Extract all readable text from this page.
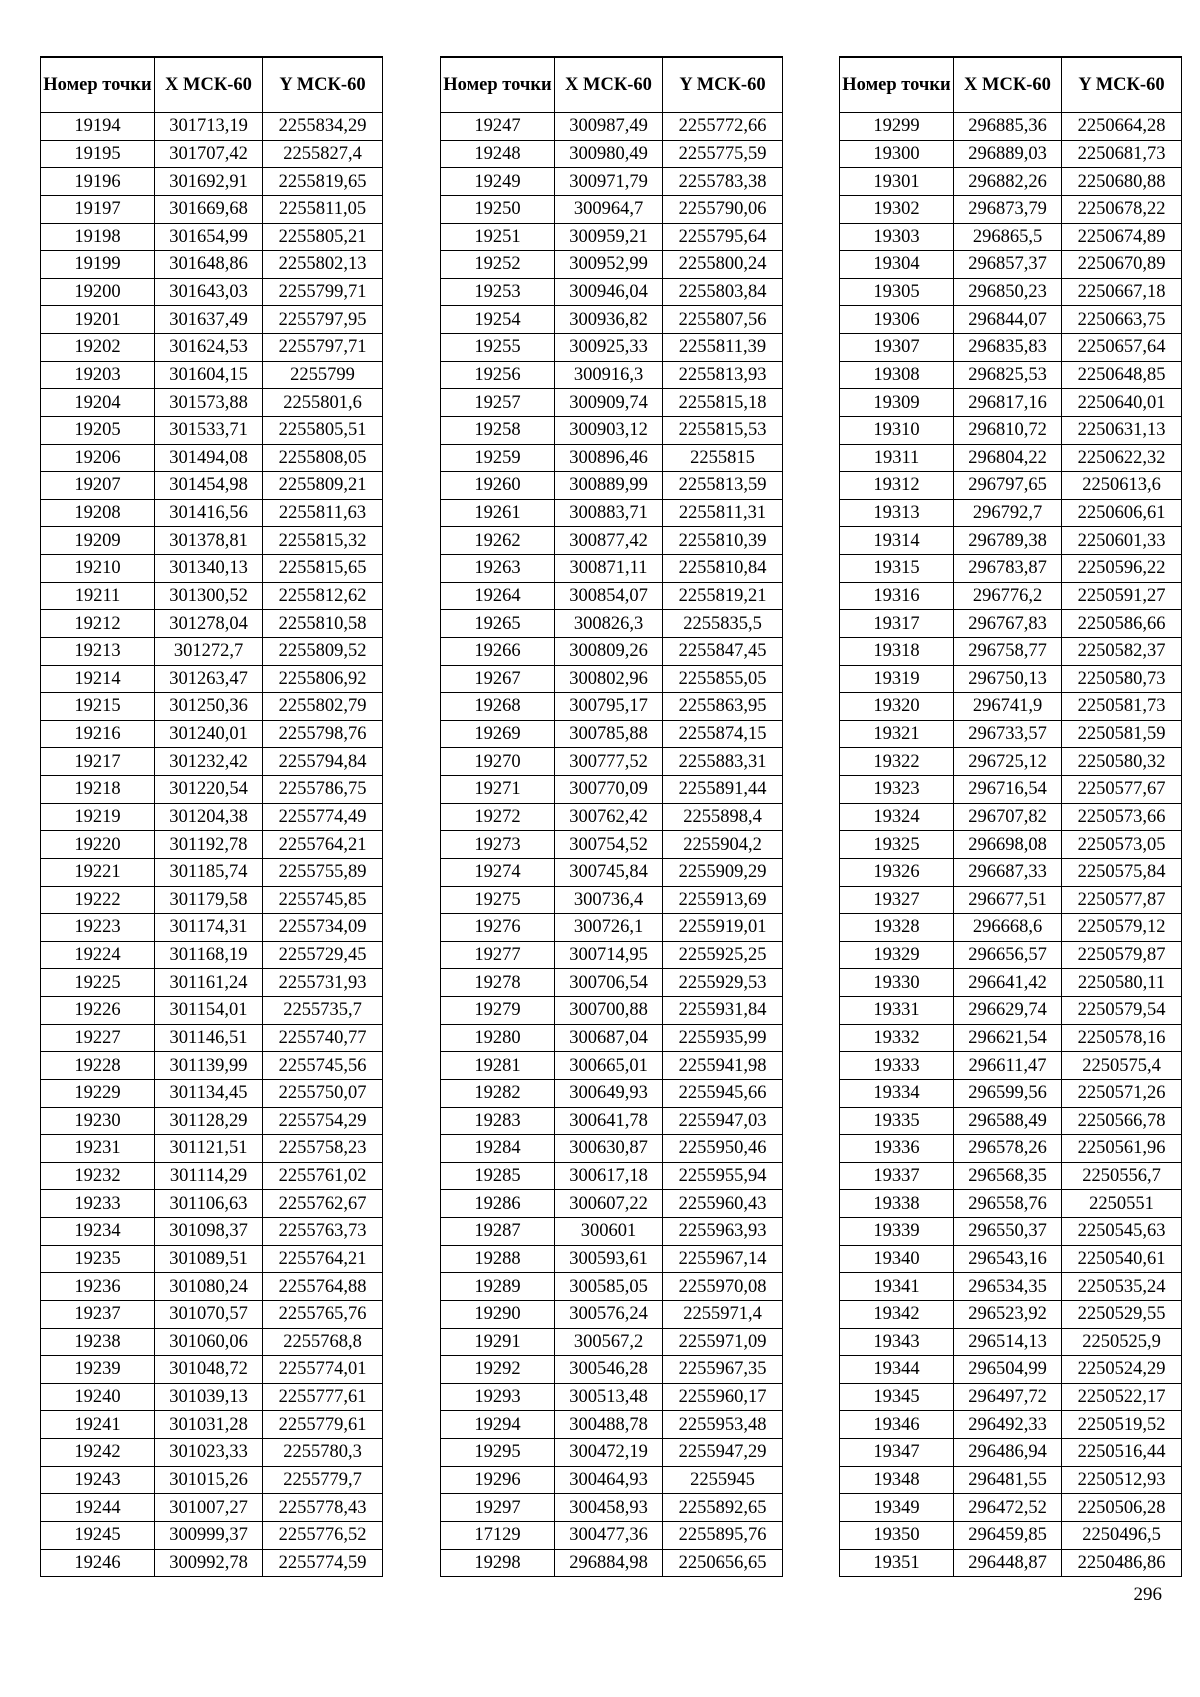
Номер точки	X МСК-60	Y МСК-60
19194	301713,19	2255834,29
19195	301707,42	2255827,4
19196	301692,91	2255819,65
19197	301669,68	2255811,05
19198	301654,99	2255805,21
19199	301648,86	2255802,13
19200	301643,03	2255799,71
19201	301637,49	2255797,95
19202	301624,53	2255797,71
19203	301604,15	2255799
19204	301573,88	2255801,6
19205	301533,71	2255805,51
19206	301494,08	2255808,05
19207	301454,98	2255809,21
19208	301416,56	2255811,63
19209	301378,81	2255815,32
19210	301340,13	2255815,65
19211	301300,52	2255812,62
19212	301278,04	2255810,58
19213	301272,7	2255809,52
19214	301263,47	2255806,92
19215	301250,36	2255802,79
19216	301240,01	2255798,76
19217	301232,42	2255794,84
19218	301220,54	2255786,75
19219	301204,38	2255774,49
19220	301192,78	2255764,21
19221	301185,74	2255755,89
19222	301179,58	2255745,85
19223	301174,31	2255734,09
19224	301168,19	2255729,45
19225	301161,24	2255731,93
19226	301154,01	2255735,7
19227	301146,51	2255740,77
19228	301139,99	2255745,56
19229	301134,45	2255750,07
19230	301128,29	2255754,29
19231	301121,51	2255758,23
19232	301114,29	2255761,02
19233	301106,63	2255762,67
19234	301098,37	2255763,73
19235	301089,51	2255764,21
19236	301080,24	2255764,88
19237	301070,57	2255765,76
19238	301060,06	2255768,8
19239	301048,72	2255774,01
19240	301039,13	2255777,61
19241	301031,28	2255779,61
19242	301023,33	2255780,3
19243	301015,26	2255779,7
19244	301007,27	2255778,43
19245	300999,37	2255776,52
19246	300992,78	2255774,59
Номер точки	X МСК-60	Y МСК-60
19247	300987,49	2255772,66
19248	300980,49	2255775,59
19249	300971,79	2255783,38
19250	300964,7	2255790,06
19251	300959,21	2255795,64
19252	300952,99	2255800,24
19253	300946,04	2255803,84
19254	300936,82	2255807,56
19255	300925,33	2255811,39
19256	300916,3	2255813,93
19257	300909,74	2255815,18
19258	300903,12	2255815,53
19259	300896,46	2255815
19260	300889,99	2255813,59
19261	300883,71	2255811,31
19262	300877,42	2255810,39
19263	300871,11	2255810,84
19264	300854,07	2255819,21
19265	300826,3	2255835,5
19266	300809,26	2255847,45
19267	300802,96	2255855,05
19268	300795,17	2255863,95
19269	300785,88	2255874,15
19270	300777,52	2255883,31
19271	300770,09	2255891,44
19272	300762,42	2255898,4
19273	300754,52	2255904,2
19274	300745,84	2255909,29
19275	300736,4	2255913,69
19276	300726,1	2255919,01
19277	300714,95	2255925,25
19278	300706,54	2255929,53
19279	300700,88	2255931,84
19280	300687,04	2255935,99
19281	300665,01	2255941,98
19282	300649,93	2255945,66
19283	300641,78	2255947,03
19284	300630,87	2255950,46
19285	300617,18	2255955,94
19286	300607,22	2255960,43
19287	300601	2255963,93
19288	300593,61	2255967,14
19289	300585,05	2255970,08
19290	300576,24	2255971,4
19291	300567,2	2255971,09
19292	300546,28	2255967,35
19293	300513,48	2255960,17
19294	300488,78	2255953,48
19295	300472,19	2255947,29
19296	300464,93	2255945
19297	300458,93	2255892,65
17129	300477,36	2255895,76
19298	296884,98	2250656,65
Номер точки	X МСК-60	Y МСК-60
19299	296885,36	2250664,28
19300	296889,03	2250681,73
19301	296882,26	2250680,88
19302	296873,79	2250678,22
19303	296865,5	2250674,89
19304	296857,37	2250670,89
19305	296850,23	2250667,18
19306	296844,07	2250663,75
19307	296835,83	2250657,64
19308	296825,53	2250648,85
19309	296817,16	2250640,01
19310	296810,72	2250631,13
19311	296804,22	2250622,32
19312	296797,65	2250613,6
19313	296792,7	2250606,61
19314	296789,38	2250601,33
19315	296783,87	2250596,22
19316	296776,2	2250591,27
19317	296767,83	2250586,66
19318	296758,77	2250582,37
19319	296750,13	2250580,73
19320	296741,9	2250581,73
19321	296733,57	2250581,59
19322	296725,12	2250580,32
19323	296716,54	2250577,67
19324	296707,82	2250573,66
19325	296698,08	2250573,05
19326	296687,33	2250575,84
19327	296677,51	2250577,87
19328	296668,6	2250579,12
19329	296656,57	2250579,87
19330	296641,42	2250580,11
19331	296629,74	2250579,54
19332	296621,54	2250578,16
19333	296611,47	2250575,4
19334	296599,56	2250571,26
19335	296588,49	2250566,78
19336	296578,26	2250561,96
19337	296568,35	2250556,7
19338	296558,76	2250551
19339	296550,37	2250545,63
19340	296543,16	2250540,61
19341	296534,35	2250535,24
19342	296523,92	2250529,55
19343	296514,13	2250525,9
19344	296504,99	2250524,29
19345	296497,72	2250522,17
19346	296492,33	2250519,52
19347	296486,94	2250516,44
19348	296481,55	2250512,93
19349	296472,52	2250506,28
19350	296459,85	2250496,5
19351	296448,87	2250486,86
296
